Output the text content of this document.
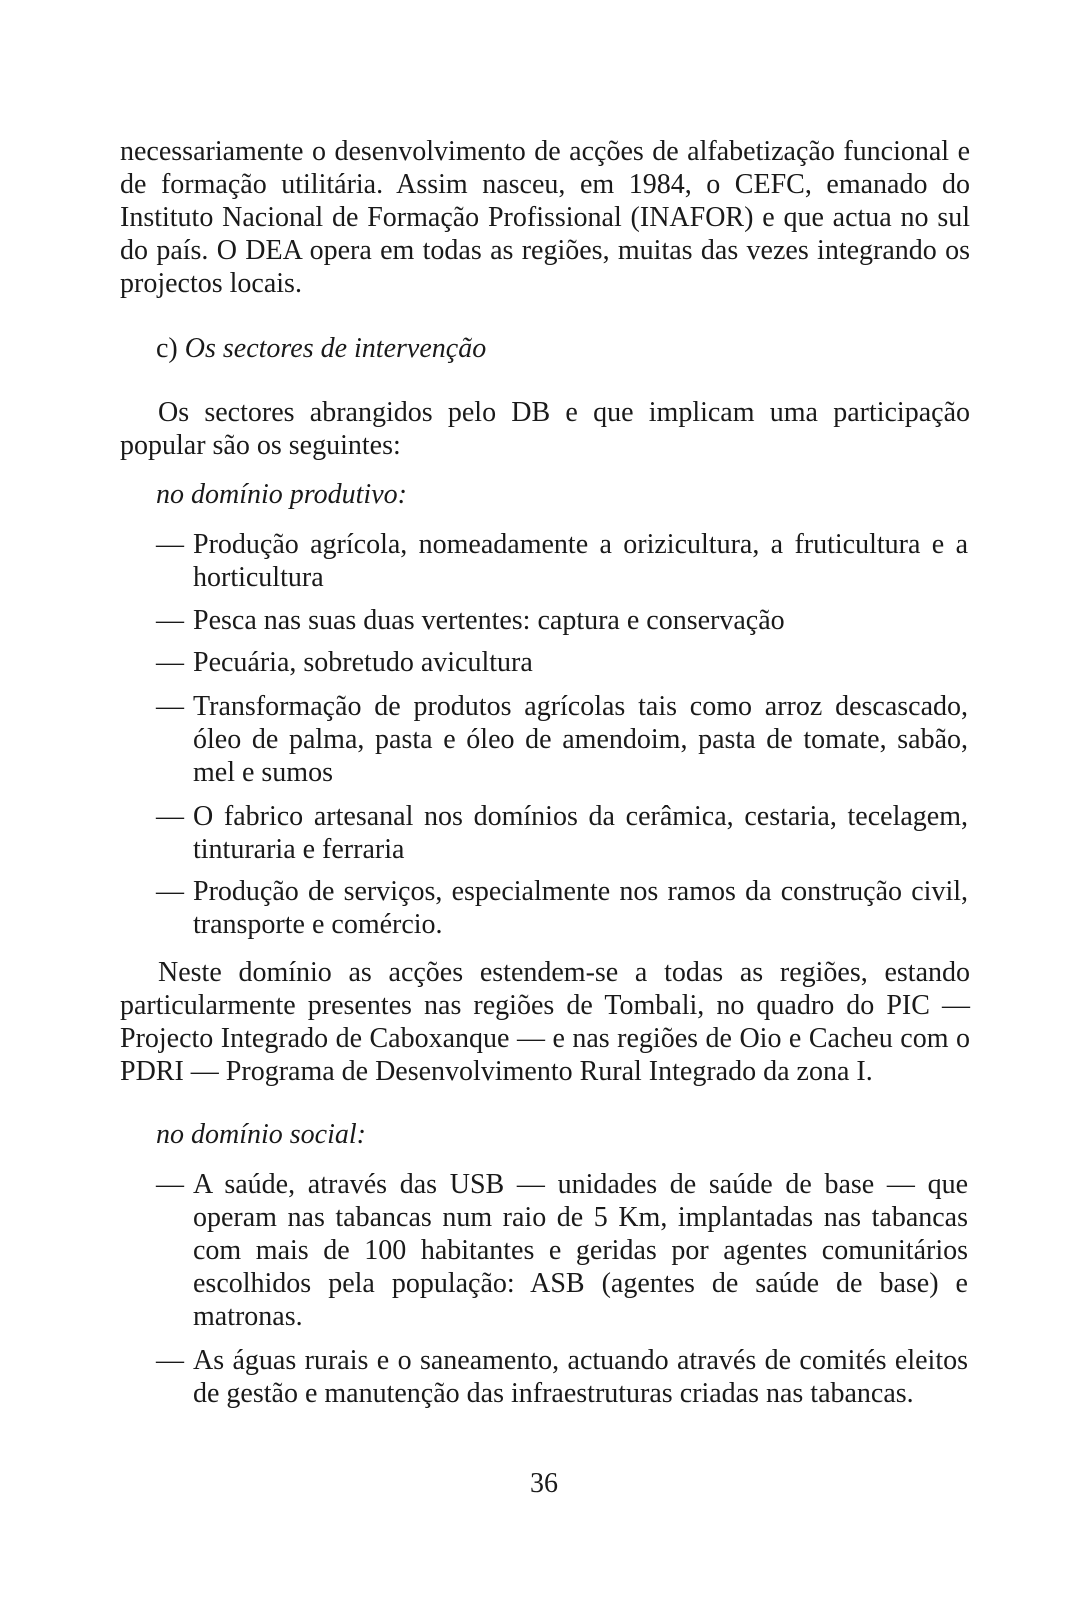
necessariamente o desenvolvimento de acções de alfabetização funcional e de formação utilitária. Assim nasceu, em 1984, o CEFC, emanado do Instituto Nacional de Formação Profissional (INAFOR) e que actua no sul do país. O DEA opera em todas as regiões, muitas das vezes integrando os projectos locais.

c) Os sectores de intervenção

Os sectores abrangidos pelo DB e que implicam uma participação popular são os seguintes:

no domínio produtivo:
— Produção agrícola, nomeadamente a orizicultura, a fruticultura e a horticultura
— Pesca nas suas duas vertentes: captura e conservação
— Pecuária, sobretudo avicultura
— Transformação de produtos agrícolas tais como arroz descascado, óleo de palma, pasta e óleo de amendoim, pasta de tomate, sabão, mel e sumos
— O fabrico artesanal nos domínios da cerâmica, cestaria, tecelagem, tinturaria e ferraria
— Produção de serviços, especialmente nos ramos da construção civil, transporte e comércio.

Neste domínio as acções estendem-se a todas as regiões, estando particularmente presentes nas regiões de Tombali, no quadro do PIC — Projecto Integrado de Caboxanque — e nas regiões de Oio e Cacheu com o PDRI — Programa de Desenvolvimento Rural Integrado da zona I.

no domínio social:
— A saúde, através das USB — unidades de saúde de base — que operam nas tabancas num raio de 5 Km, implantadas nas tabancas com mais de 100 habitantes e geridas por agentes comunitários escolhidos pela população: ASB (agentes de saúde de base) e matronas.
— As águas rurais e o saneamento, actuando através de comités eleitos de gestão e manutenção das infraestruturas criadas nas tabancas.
36
